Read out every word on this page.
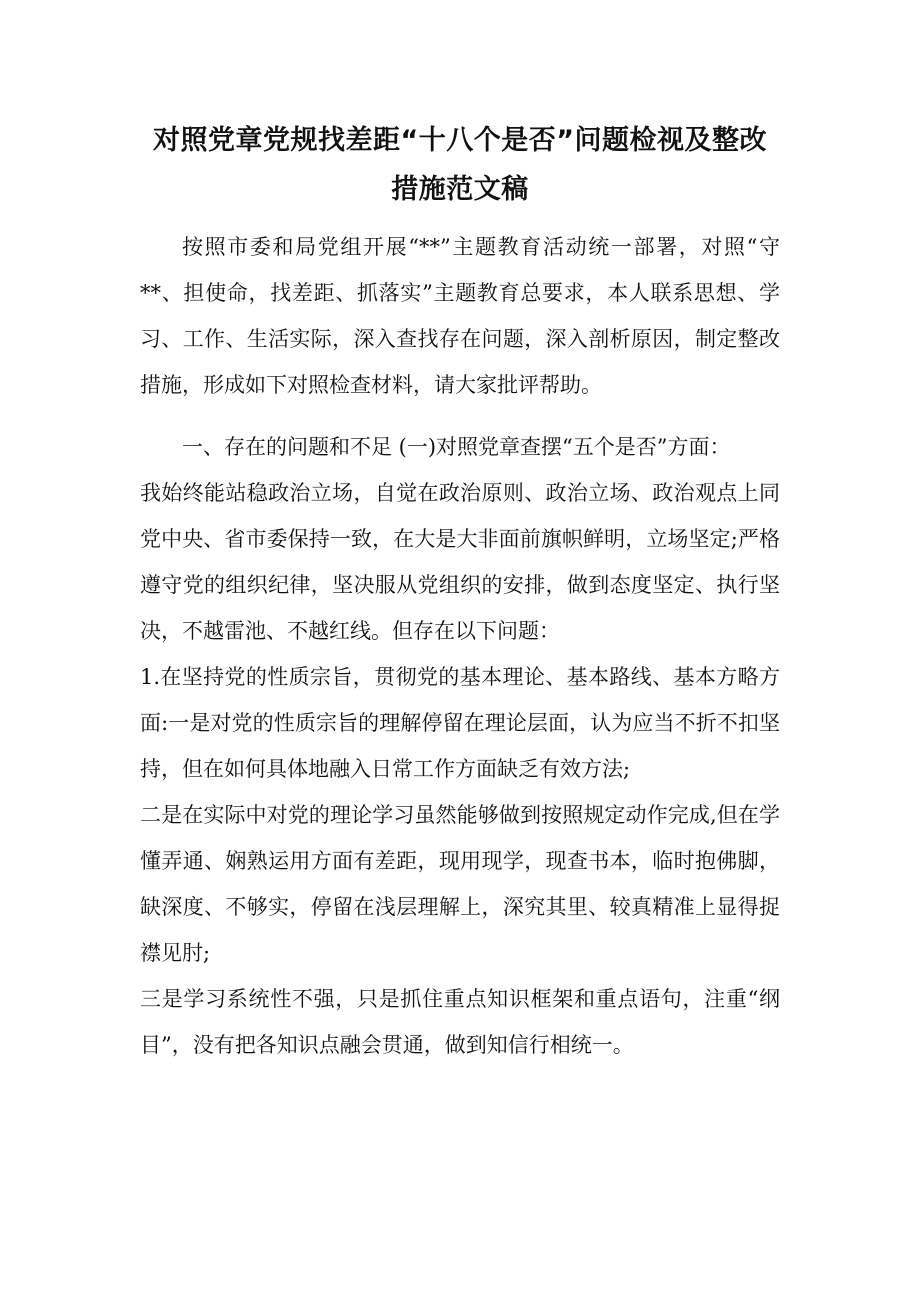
对照党章党规找差距“十八个是否”问题检视及整改措施范文稿

按照市委和局党组开展“**”主题教育活动统一部署，对照“守**、担使命，找差距、抓落实”主题教育总要求，本人联系思想、学习、工作、生活实际，深入查找存在问题，深入剖析原因，制定整改措施，形成如下对照检查材料，请大家批评帮助。

一、存在的问题和不足 (一)对照党章查摆“五个是否”方面：

我始终能站稳政治立场，自觉在政治原则、政治立场、政治观点上同党中央、省市委保持一致，在大是大非面前旗帜鲜明，立场坚定;严格遵守党的组织纪律，坚决服从党组织的安排，做到态度坚定、执行坚决，不越雷池、不越红线。但存在以下问题：

1.在坚持党的性质宗旨，贯彻党的基本理论、基本路线、基本方略方面:一是对党的性质宗旨的理解停留在理论层面，认为应当不折不扣坚持，但在如何具体地融入日常工作方面缺乏有效方法;

二是在实际中对党的理论学习虽然能够做到按照规定动作完成,但在学懂弄通、娴熟运用方面有差距，现用现学，现查书本，临时抱佛脚，缺深度、不够实，停留在浅层理解上，深究其里、较真精准上显得捉襟见肘;

三是学习系统性不强，只是抓住重点知识框架和重点语句，注重“纲目”，没有把各知识点融会贯通，做到知信行相统一。
